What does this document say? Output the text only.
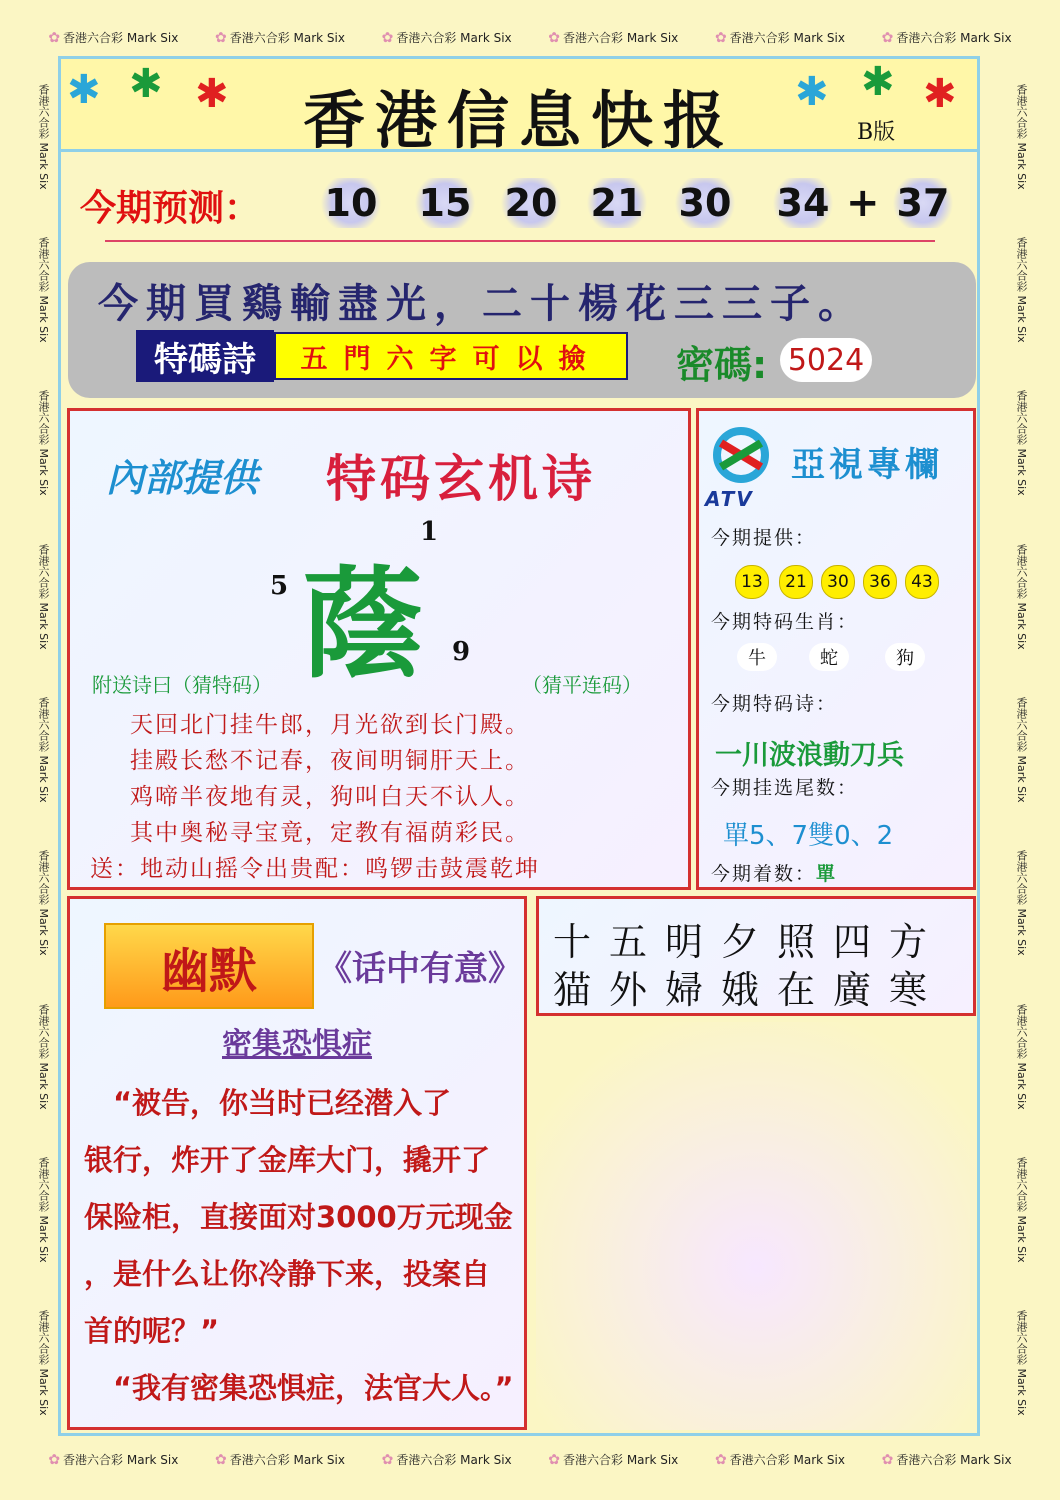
✿ 香港六合彩 Mark Six	✿ 香港六合彩 Mark Six	✿ 香港六合彩 Mark Six	✿ 香港六合彩 Mark Six	✿ 香港六合彩 Mark Six	✿ 香港六合彩 Mark Six
✿ 香港六合彩 Mark Six	✿ 香港六合彩 Mark Six	✿ 香港六合彩 Mark Six	✿ 香港六合彩 Mark Six	✿ 香港六合彩 Mark Six	✿ 香港六合彩 Mark Six
香港六合彩 Mark Six
香港六合彩 Mark Six
香港六合彩 Mark Six
香港六合彩 Mark Six
香港六合彩 Mark Six
香港六合彩 Mark Six
香港六合彩 Mark Six
香港六合彩 Mark Six
香港六合彩 Mark Six
香港六合彩 Mark Six
香港六合彩 Mark Six
香港六合彩 Mark Six
香港六合彩 Mark Six
香港六合彩 Mark Six
香港六合彩 Mark Six
香港六合彩 Mark Six
香港六合彩 Mark Six
香港六合彩 Mark Six
✱ ✱ ✱	香港信息快报	✱ ✱ ✱
B版
今期预测： 10 15 20 21 30 34 + 37
今期買鷄輸盡光，二十楊花三三子。
特碼詩	五門六字可以撿	密碼: 5024
內部提供 特码玄机诗
蔭
1
5
9
附送诗曰（猜特码）	（猜平连码）
天回北门挂牛郎，月光欲到长门殿。
挂殿长愁不记春，夜间明铜肝天上。
鸡啼半夜地有灵，狗叫白天不认人。
其中奥秘寻宝竟，定教有福荫彩民。
送：地动山摇令出贵配：鸣锣击鼓震乾坤
ATV
亞視專欄
今期提供：
13	21	30	36	43
今期特码生肖：
牛	蛇	狗
今期特码诗：
一川波浪動刀兵
今期挂选尾数：
單5、7雙0、2
今期着数：單
幽默	《话中有意》
密集恐惧症
　“被告，你当时已经潜入了
银行，炸开了金库大门，撬开了
保险柜，直接面对3000万元现金
，是什么让你冷静下来，投案自
首的呢？”
　“我有密集恐惧症，法官大人。”
十五明夕照四方
猫外婦娥在廣寒
